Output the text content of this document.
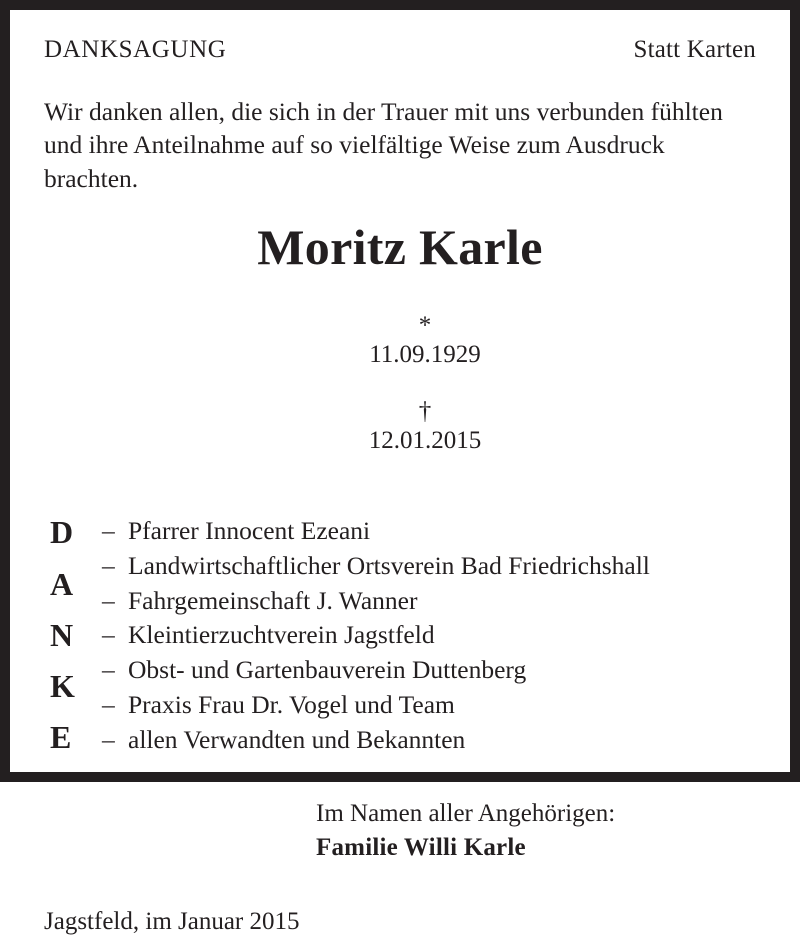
DANKSAGUNG	Statt Karten

Wir danken allen, die sich in der Trauer mit uns verbunden fühlten und ihre Anteilnahme auf so vielfältige Weise zum Ausdruck brachten.

Moritz Karle

*
11.09.1929

†
12.01.2015

D
A
N
K
E
– Pfarrer Innocent Ezeani
– Landwirtschaftlicher Ortsverein Bad Friedrichshall
– Fahrgemeinschaft J. Wanner
– Kleintierzuchtverein Jagstfeld
– Obst- und Gartenbauverein Duttenberg
– Praxis Frau Dr. Vogel und Team
– allen Verwandten und Bekannten
Im Namen aller Angehörigen:
Familie Willi Karle
Jagstfeld, im Januar 2015
